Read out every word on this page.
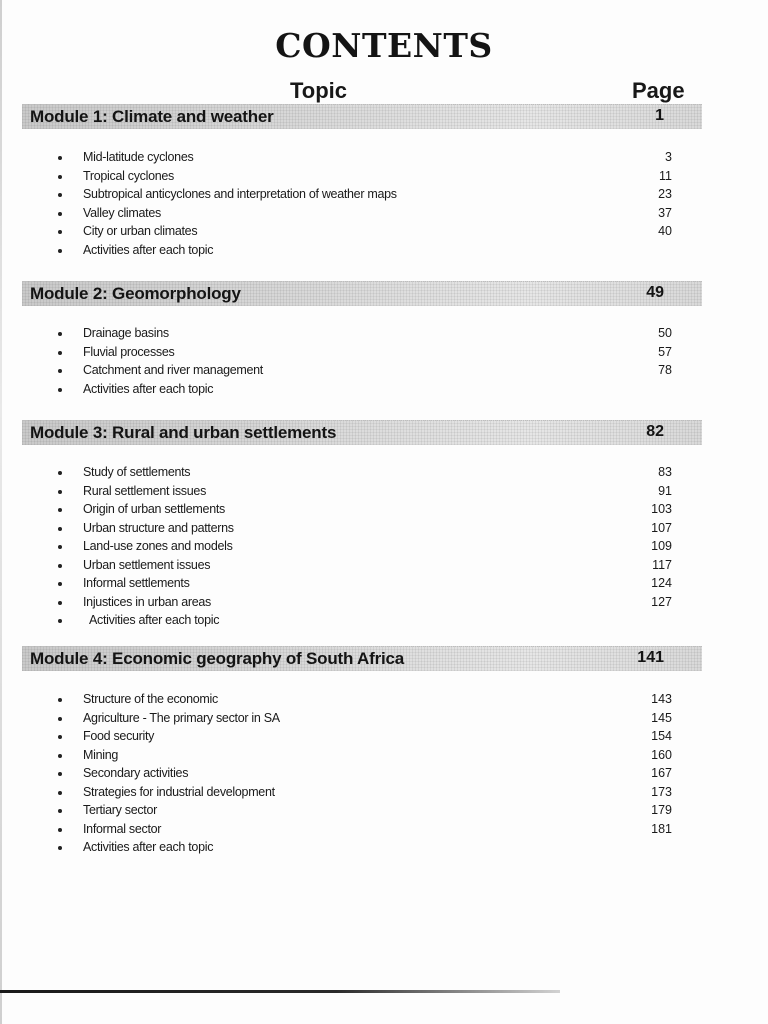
CONTENTS
Topic	Page
Module 1: Climate and weather	1
Mid-latitude cyclones	3
Tropical cyclones	11
Subtropical anticyclones and interpretation of weather maps	23
Valley climates	37
City or urban climates	40
Activities after each topic
Module 2: Geomorphology	49
Drainage basins	50
Fluvial processes	57
Catchment and river management	78
Activities after each topic
Module 3: Rural and urban settlements	82
Study of settlements	83
Rural settlement issues	91
Origin of urban settlements	103
Urban structure and patterns	107
Land-use zones and models	109
Urban settlement issues	117
Informal settlements	124
Injustices in urban areas	127
Activities after each topic
Module 4: Economic geography of South Africa	141
Structure of the economic	143
Agriculture - The primary sector in SA	145
Food security	154
Mining	160
Secondary activities	167
Strategies for industrial development	173
Tertiary sector	179
Informal sector	181
Activities after each topic
